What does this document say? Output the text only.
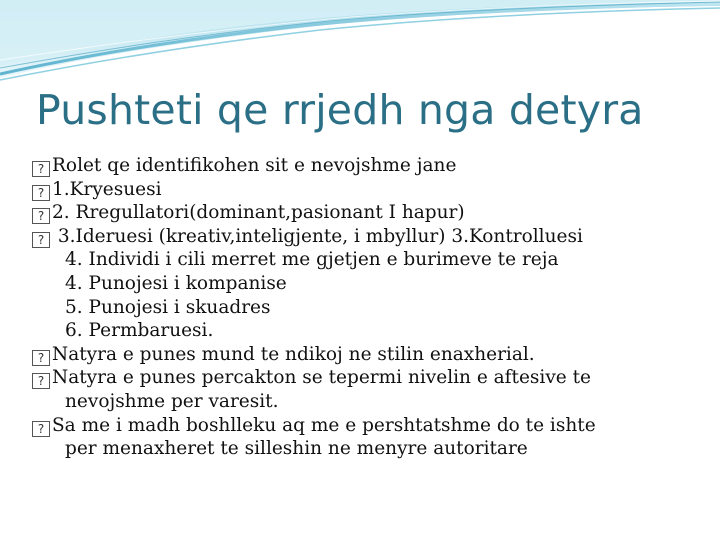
Pushteti qe rrjedh nga detyra
? Rolet qe identifikohen sit e nevojshme jane
? 1.Kryesuesi
? 2. Rregullatori(dominant,pasionant I hapur)
? 3.Ideruesi (kreativ,inteligjente, i mbyllur) 3.Kontrolluesi
4. Individi i cili merret me gjetjen e burimeve te reja
4. Punojesi i kompanise
5. Punojesi i skuadres
6. Permbaruesi.
? Natyra e punes mund te ndikoj ne stilin enaxherial.
? Natyra e punes percakton se tepermi nivelin e aftesive te
nevojshme per varesit.
? Sa me i madh boshlleku aq me e pershtatshme do te ishte
per menaxheret te silleshin ne menyre autoritare
